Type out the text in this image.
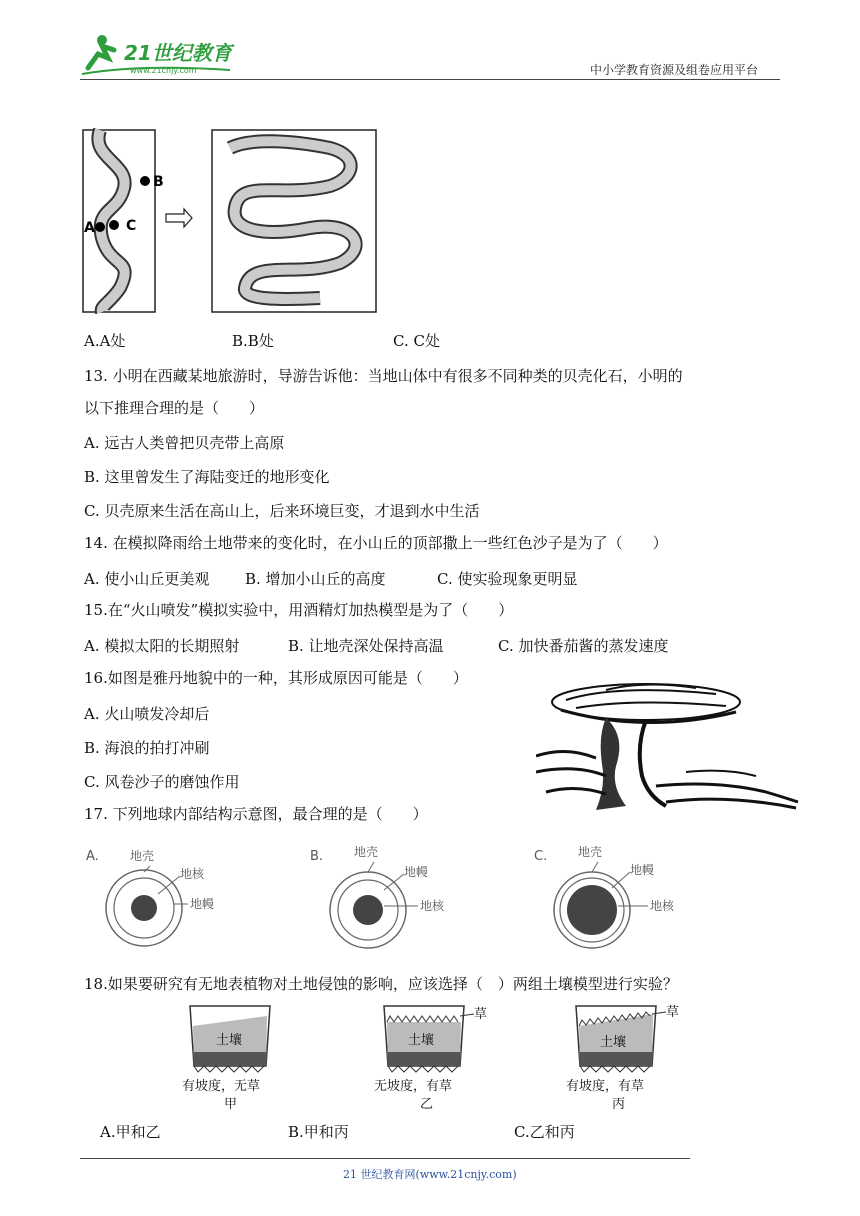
21世纪教育
www.21cnjy.com	中小学教育资源及组卷应用平台
B
A C
A.A处	B.B处	C. C处
13. 小明在西藏某地旅游时，导游告诉他：当地山体中有很多不同种类的贝壳化石，小明的
以下推理合理的是（　　）
A. 远古人类曾把贝壳带上高原
B. 这里曾发生了海陆变迁的地形变化
C. 贝壳原来生活在高山上，后来环境巨变，才退到水中生活
14. 在模拟降雨给土地带来的变化时，在小山丘的顶部撒上一些红色沙子是为了（　　）
A. 使小山丘更美观 B. 增加小山丘的高度	C. 使实验现象更明显
15.在“火山喷发”模拟实验中，用酒精灯加热模型是为了（　　）
A. 模拟太阳的长期照射	B. 让地壳深处保持高温	C. 加快番茄酱的蒸发速度
16.如图是雅丹地貌中的一种，其形成原因可能是（　　）
A. 火山喷发冷却后
B. 海浪的拍打冲刷
C. 风卷沙子的磨蚀作用
17. 下列地球内部结构示意图，最合理的是（　　）
A.	地壳
地核
地幔
B.	地壳
地幔
地核
C.	地壳
地幔
地核
18.如果要研究有无地表植物对土地侵蚀的影响，应该选择（　）两组土壤模型进行实验？
土壤
有坡度，无草
甲
土壤
草
无坡度，有草
乙
土壤
草
有坡度，有草
丙
A.甲和乙	B.甲和丙	C.乙和丙
21 世纪教育网(www.21cnjy.com)
